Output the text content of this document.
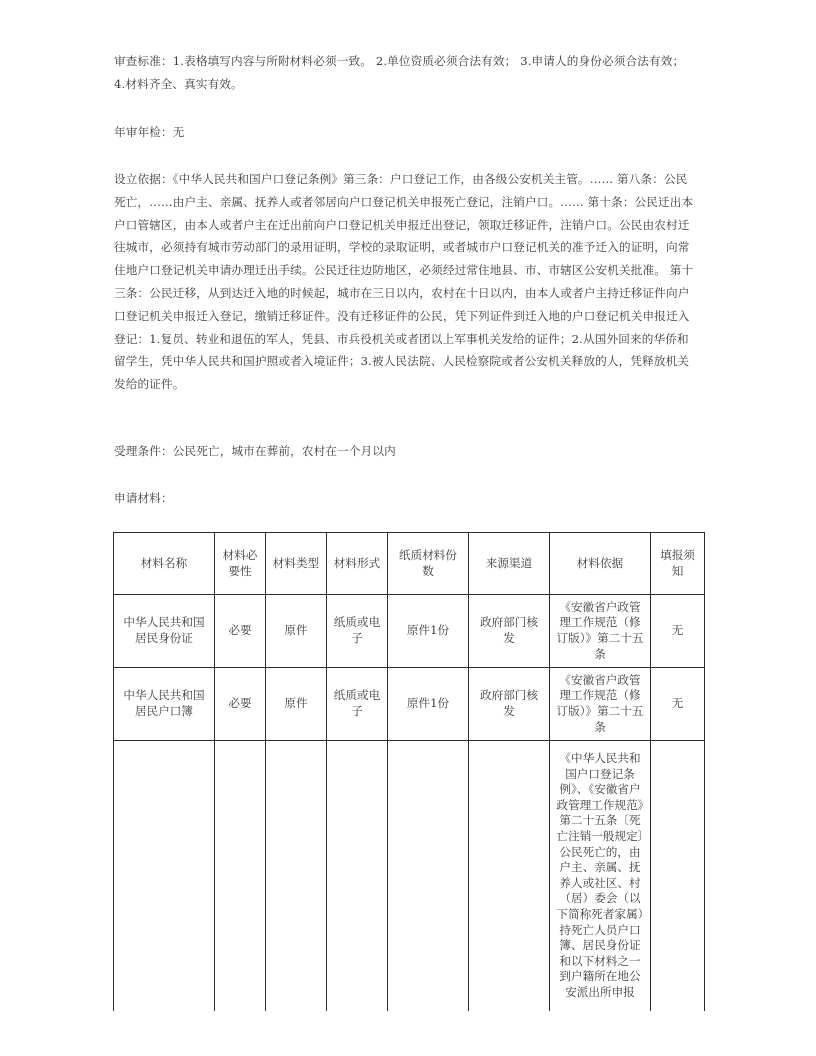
审查标准：1.表格填写内容与所附材料必须一致。 2.单位资质必须合法有效； 3.申请人的身份必须合法有效； 4.材料齐全、真实有效。

年审年检：无

设立依据：《中华人民共和国户口登记条例》第三条：户口登记工作，由各级公安机关主管。…… 第八条：公民死亡，……由户主、亲属、抚养人或者邻居向户口登记机关申报死亡登记，注销户口。…… 第十条：公民迁出本户口管辖区，由本人或者户主在迁出前向户口登记机关申报迁出登记，领取迁移证件，注销户口。公民由农村迁往城市，必须持有城市劳动部门的录用证明，学校的录取证明，或者城市户口登记机关的准予迁入的证明，向常住地户口登记机关申请办理迁出手续。公民迁往边防地区，必须经过常住地县、市、市辖区公安机关批准。 第十三条：公民迁移，从到达迁入地的时候起，城市在三日以内，农村在十日以内，由本人或者户主持迁移证件向户口登记机关申报迁入登记，缴销迁移证件。没有迁移证件的公民，凭下列证件到迁入地的户口登记机关申报迁入登记：1.复员、转业和退伍的军人，凭县、市兵役机关或者团以上军事机关发给的证件；2.从国外回来的华侨和留学生，凭中华人民共和国护照或者入境证件；3.被人民法院、人民检察院或者公安机关释放的人，凭释放机关发给的证件。

受理条件：公民死亡，城市在葬前，农村在一个月以内

申请材料：

材料名称	材料必要性	材料类型	材料形式	纸质材料份数	来源渠道	材料依据	填报须知
中华人民共和国居民身份证	必要	原件	纸质或电子	原件1份	政府部门核发	《安徽省户政管理工作规范（修订版）》第二十五条	无
中华人民共和国居民户口簿	必要	原件	纸质或电子	原件1份	政府部门核发	《安徽省户政管理工作规范（修订版）》第二十五条	无
						《中华人民共和国户口登记条例》、《安徽省户政管理工作规范》第二十五条〔死亡注销一般规定〕公民死亡的，由户主、亲属、抚养人或社区、村（居）委会（以下简称死者家属）持死亡人员户口簿、居民身份证和以下材料之一到户籍所在地公安派出所申报	
